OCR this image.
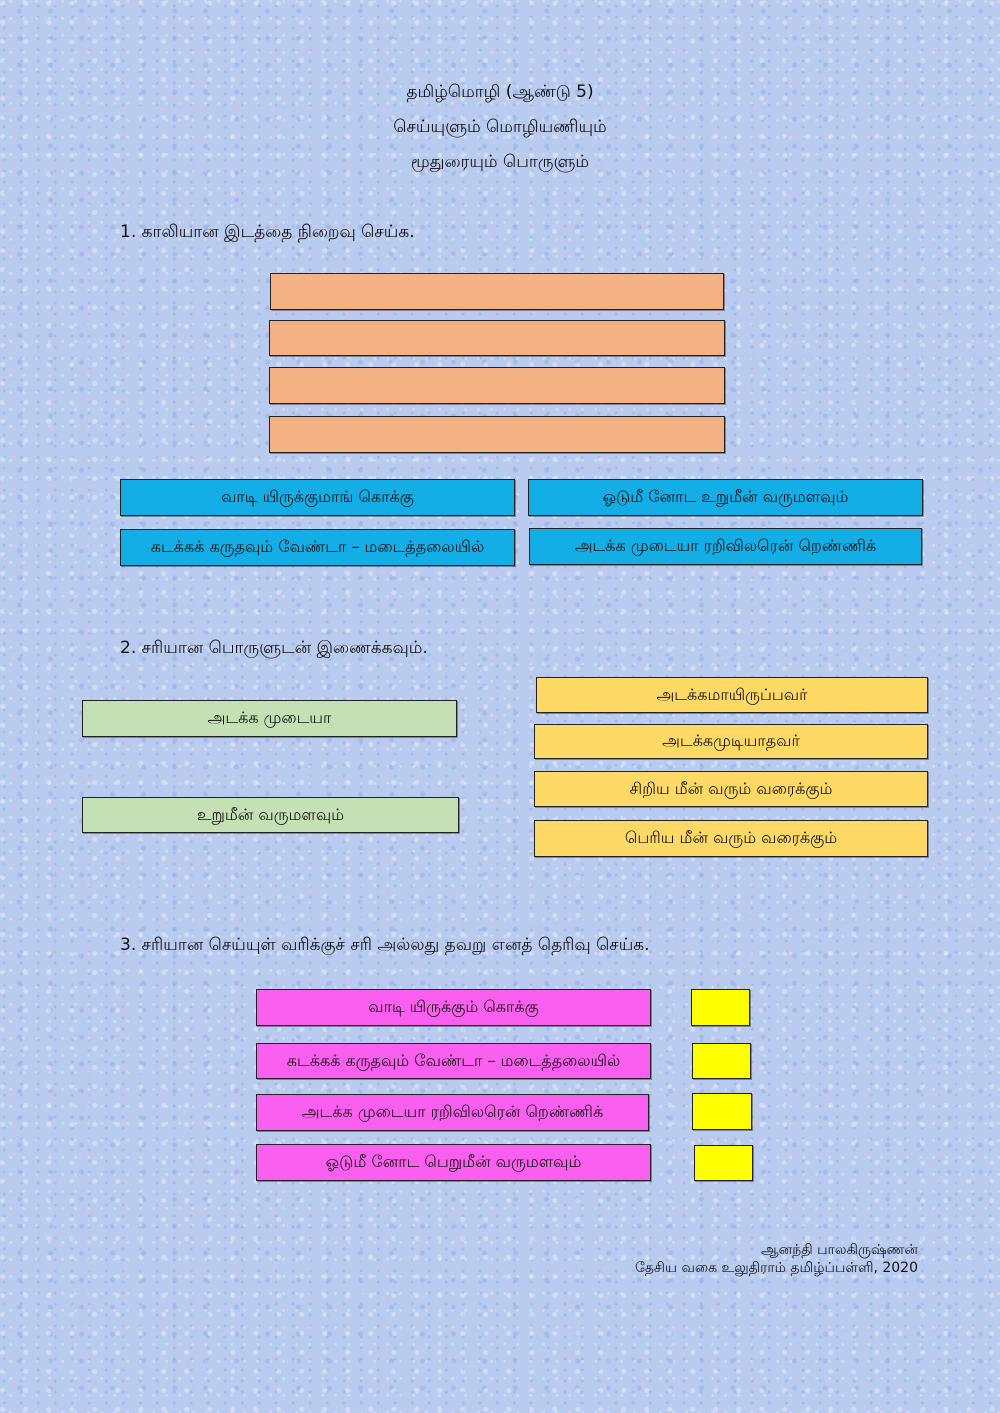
தமிழ்மொழி (ஆண்டு 5)
செய்யுளும் மொழியணியும்
மூதுரையும் பொருளும்
1. காலியான இடத்தை நிறைவு செய்க.
வாடி யிருக்குமாங் கொக்கு	ஓடுமீ னோட உறுமீன் வருமளவும்
கடக்கக் கருதவும் வேண்டா – மடைத்தலையில்	அடக்க முடையா ரறிவிலரென் றெண்ணிக்
2. சரியான பொருளுடன் இணைக்கவும்.
அடக்க முடையா
உறுமீன் வருமளவும்
அடக்கமாயிருப்பவர்
அடக்கமுடியாதவர்
சிறிய மீன் வரும் வரைக்கும்
பெரிய மீன் வரும் வரைக்கும்
3. சரியான செய்யுள் வரிக்குச் சரி அல்லது தவறு எனத் தெரிவு செய்க.
வாடி யிருக்கும் கொக்கு
கடக்கக் கருதவும் வேண்டா – மடைத்தலையில்
அடக்க முடையா ரறிவிலரென் றெண்ணிக்
ஓடுமீ னோட பெறுமீன் வருமளவும்
ஆனந்தி பாலகிருஷ்ணன்
தேசிய வகை உலுதிராம் தமிழ்ப்பள்ளி, 2020
